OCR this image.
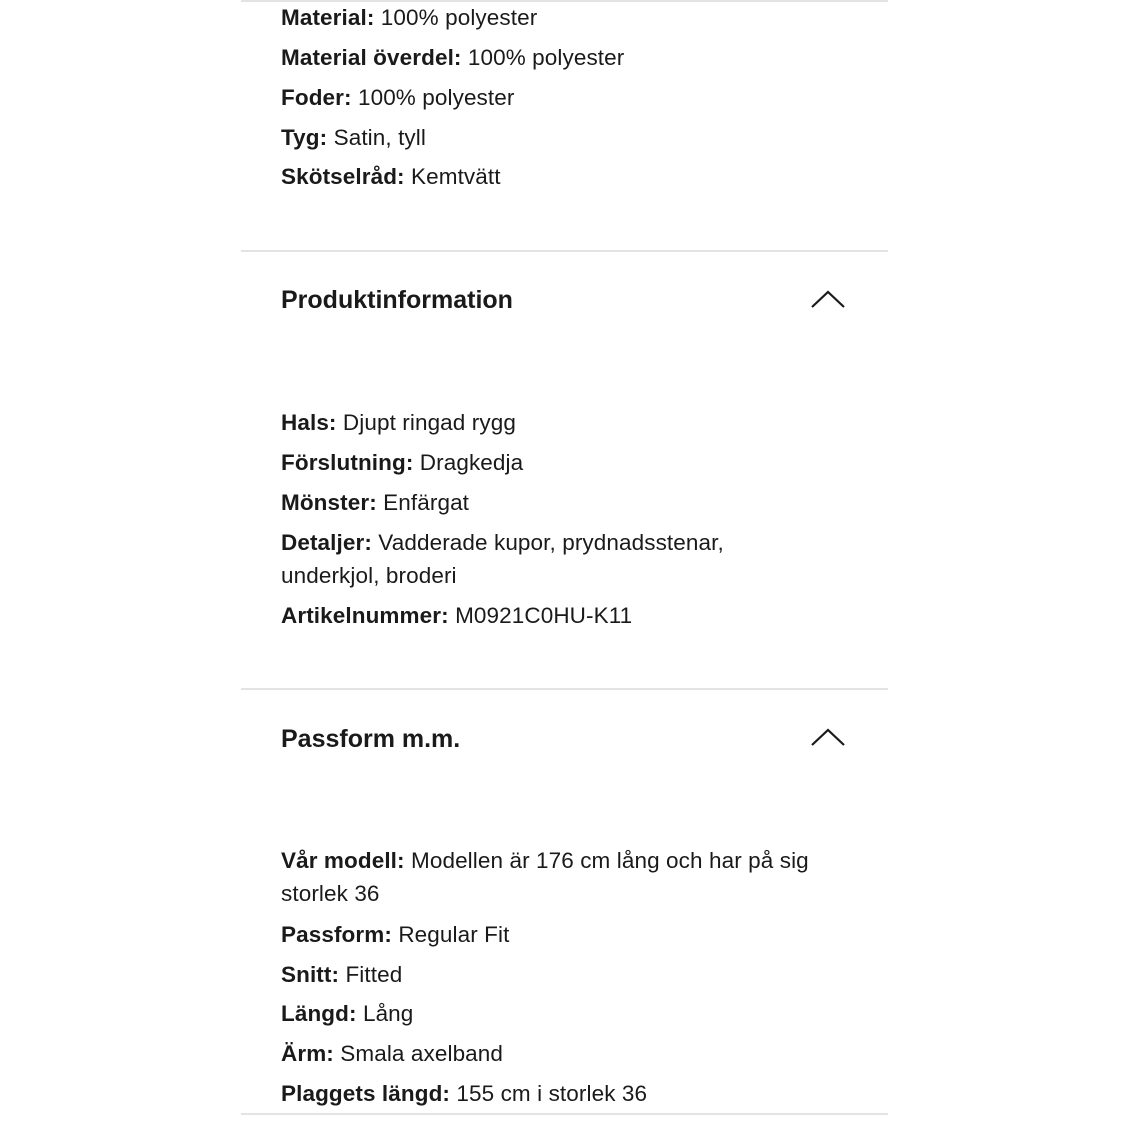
Material: 100% polyester
Material överdel: 100% polyester
Foder: 100% polyester
Tyg: Satin, tyll
Skötselråd: Kemtvätt
Produktinformation
Hals: Djupt ringad rygg
Förslutning: Dragkedja
Mönster: Enfärgat
Detaljer: Vadderade kupor, prydnadsstenar, underkjol, broderi
Artikelnummer: M0921C0HU-K11
Passform m.m.
Vår modell: Modellen är 176 cm lång och har på sig storlek 36
Passform: Regular Fit
Snitt: Fitted
Längd: Lång
Ärm: Smala axelband
Plaggets längd: 155 cm i storlek 36
